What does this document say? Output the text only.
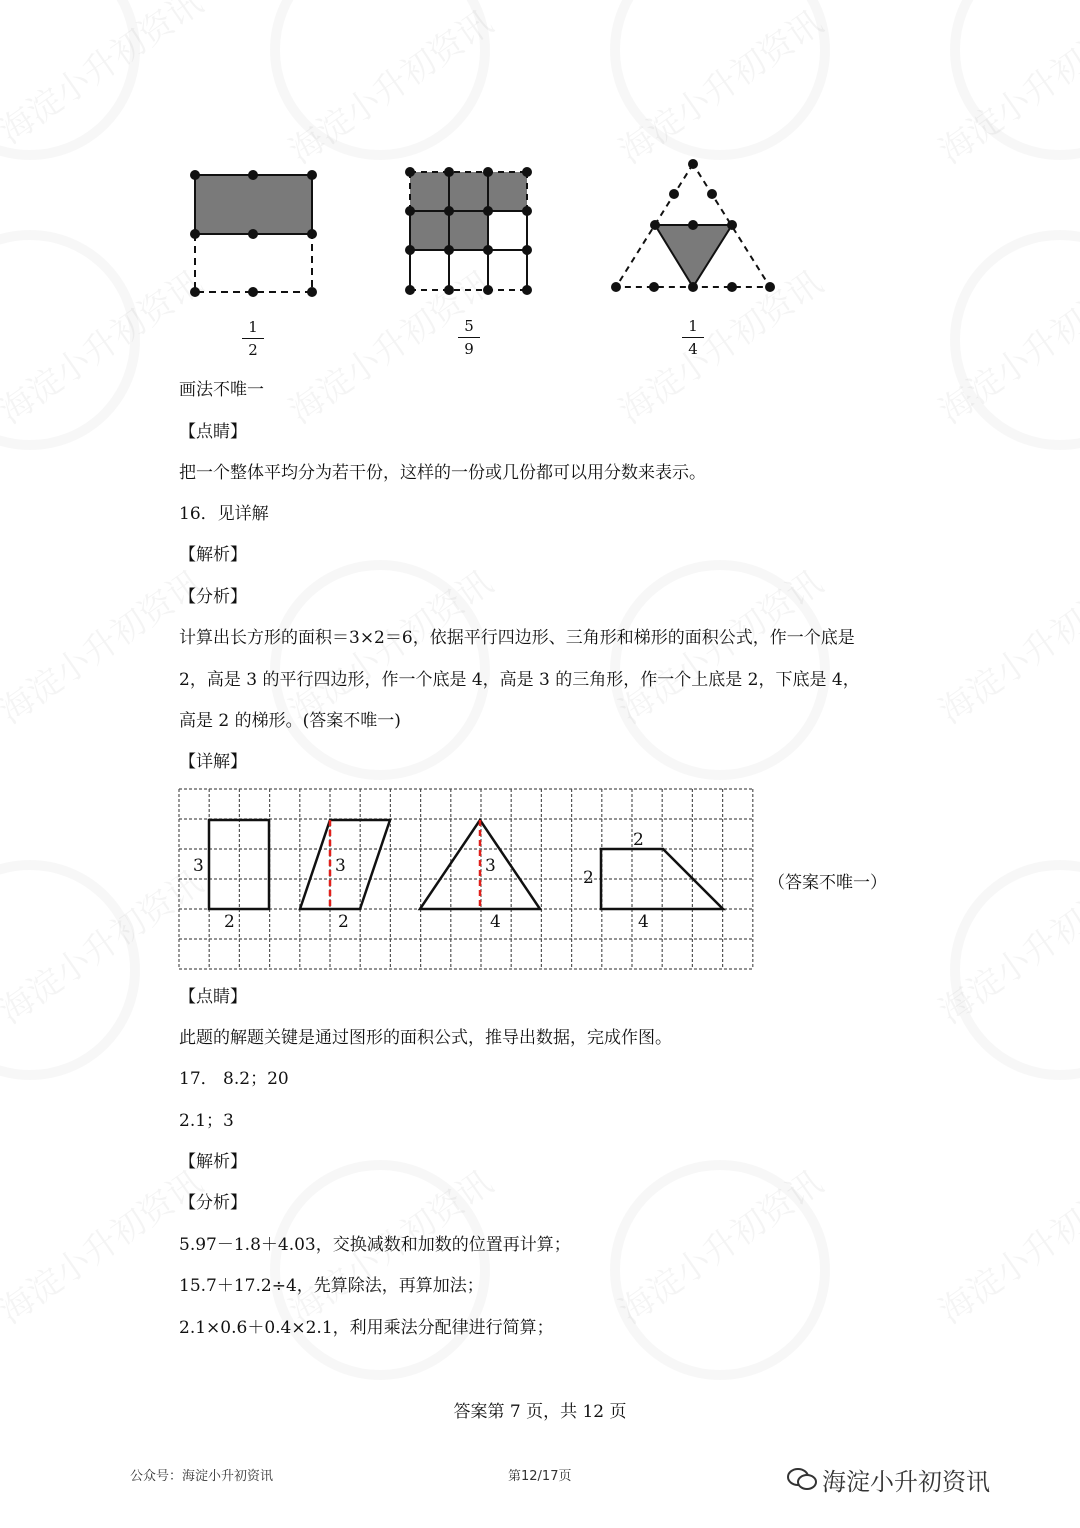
1
2
5
9
1
4
画法不唯一
【点睛】
把一个整体平均分为若干份，这样的一份或几份都可以用分数来表示。
16．见详解
【解析】
【分析】
计算出长方形的面积＝3×2＝6，依据平行四边形、三角形和梯形的面积公式，作一个底是
2，高是 3 的平行四边形，作一个底是 4，高是 3 的三角形，作一个上底是 2，下底是 4，
高是 2 的梯形。(答案不唯一)
【详解】
3
2
3
2
3
4
2
2
4
（答案不唯一）
【点睛】
此题的解题关键是通过图形的面积公式，推导出数据，完成作图。
17． 8.2；20
2.1；3
【解析】
【分析】
5.97－1.8＋4.03，交换减数和加数的位置再计算；
15.7＋17.2÷4，先算除法，再算加法；
2.1×0.6＋0.4×2.1，利用乘法分配律进行简算；
答案第 7 页，共 12 页
公众号：海淀小升初资讯	第12/17页	海淀小升初资讯
